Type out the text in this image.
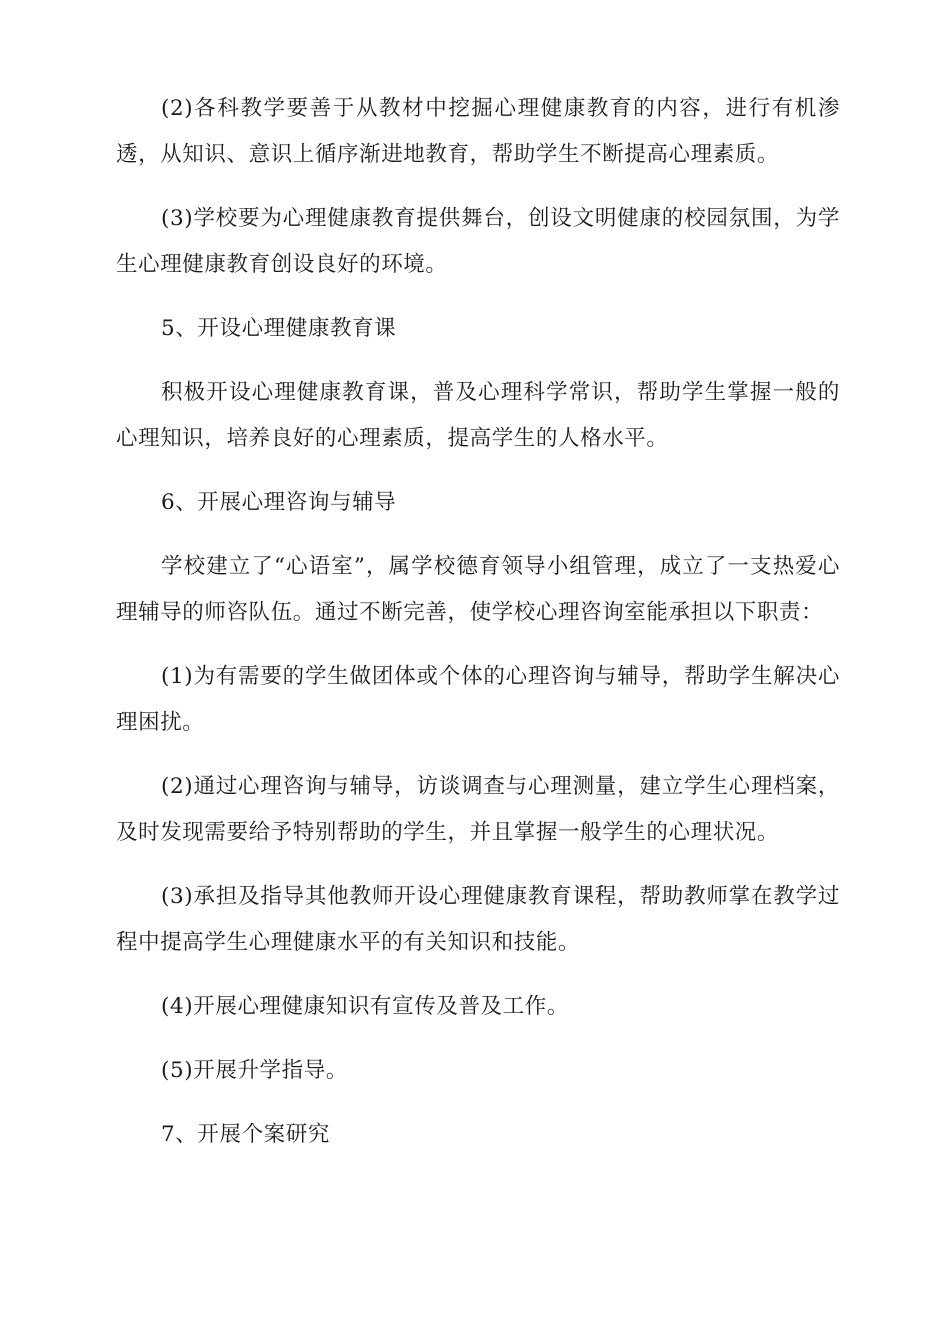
(2)各科教学要善于从教材中挖掘心理健康教育的内容，进行有机渗透，从知识、意识上循序渐进地教育，帮助学生不断提高心理素质。

(3)学校要为心理健康教育提供舞台，创设文明健康的校园氛围，为学生心理健康教育创设良好的环境。

5、开设心理健康教育课

积极开设心理健康教育课，普及心理科学常识，帮助学生掌握一般的心理知识，培养良好的心理素质，提高学生的人格水平。

6、开展心理咨询与辅导

学校建立了“心语室”，属学校德育领导小组管理，成立了一支热爱心理辅导的师咨队伍。通过不断完善，使学校心理咨询室能承担以下职责：

(1)为有需要的学生做团体或个体的心理咨询与辅导，帮助学生解决心理困扰。

(2)通过心理咨询与辅导，访谈调查与心理测量，建立学生心理档案，及时发现需要给予特别帮助的学生，并且掌握一般学生的心理状况。

(3)承担及指导其他教师开设心理健康教育课程，帮助教师掌在教学过程中提高学生心理健康水平的有关知识和技能。

(4)开展心理健康知识有宣传及普及工作。

(5)开展升学指导。

7、开展个案研究
